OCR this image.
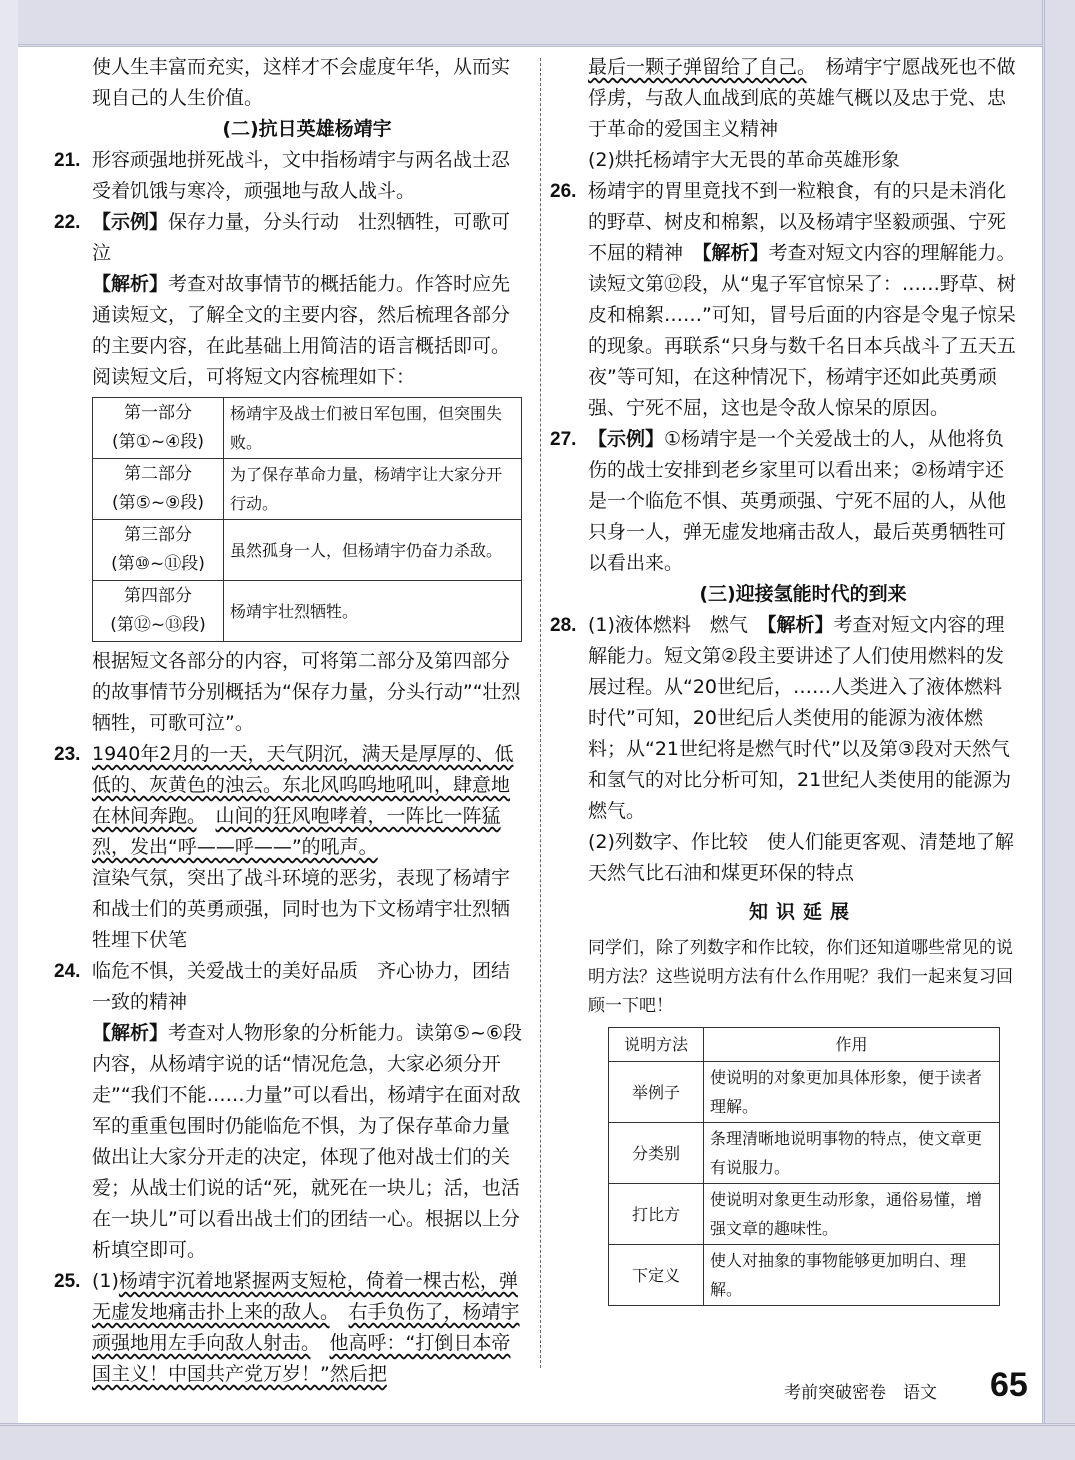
使人生丰富而充实，这样才不会虚度年华，从而实现自己的人生价值。

(二)抗日英雄杨靖宇

21. 形容顽强地拼死战斗，文中指杨靖宇与两名战士忍受着饥饿与寒冷，顽强地与敌人战斗。

22. 【示例】保存力量，分头行动　壮烈牺牲，可歌可泣

【解析】考查对故事情节的概括能力。作答时应先通读短文，了解全文的主要内容，然后梳理各部分的主要内容，在此基础上用简洁的语言概括即可。阅读短文后，可将短文内容梳理如下：

第一部分
(第①~④段)	杨靖宇及战士们被日军包围，但突围失败。

第二部分
(第⑤~⑨段)	为了保存革命力量，杨靖宇让大家分开行动。

第三部分
(第⑩~⑪段)	虽然孤身一人，但杨靖宇仍奋力杀敌。

第四部分
(第⑫~⑬段)	杨靖宇壮烈牺牲。

根据短文各部分的内容，可将第二部分及第四部分的故事情节分别概括为“保存力量，分头行动”“壮烈牺牲，可歌可泣”。

23. 1940年2月的一天，天气阴沉，满天是厚厚的、低低的、灰黄色的浊云。东北风呜呜地吼叫，肆意地在林间奔跑。　 山间的狂风咆哮着，一阵比一阵猛烈，发出“呼——呼——”的吼声。

渲染气氛，突出了战斗环境的恶劣，表现了杨靖宇和战士们的英勇顽强，同时也为下文杨靖宇壮烈牺牲埋下伏笔

24. 临危不惧，关爱战士的美好品质　齐心协力，团结一致的精神

【解析】考查对人物形象的分析能力。读第⑤~⑥段内容，从杨靖宇说的话“情况危急，大家必须分开走”“我们不能……力量”可以看出，杨靖宇在面对敌军的重重包围时仍能临危不惧，为了保存革命力量做出让大家分开走的决定，体现了他对战士们的关爱；从战士们说的话“死，就死在一块儿；活，也活在一块儿”可以看出战士们的团结一心。根据以上分析填空即可。

25. (1)杨靖宇沉着地紧握两支短枪，倚着一棵古松，弹无虚发地痛击扑上来的敌人。　 右手负伤了，杨靖宇顽强地用左手向敌人射击。　 他高呼：“打倒日本帝国主义！中国共产党万岁！”然后把

最后一颗子弹留给了自己。　 杨靖宇宁愿战死也不做俘虏，与敌人血战到底的英雄气概以及忠于党、忠于革命的爱国主义精神

(2)烘托杨靖宇大无畏的革命英雄形象

26. 杨靖宇的胃里竟找不到一粒粮食，有的只是未消化的野草、树皮和棉絮，以及杨靖宇坚毅顽强、宁死不屈的精神　 【解析】考查对短文内容的理解能力。读短文第⑫段，从“鬼子军官惊呆了：……野草、树皮和棉絮……”可知，冒号后面的内容是令鬼子惊呆的现象。再联系“只身与数千名日本兵战斗了五天五夜”等可知，在这种情况下，杨靖宇还如此英勇顽强、宁死不屈，这也是令敌人惊呆的原因。

27. 【示例】①杨靖宇是一个关爱战士的人，从他将负伤的战士安排到老乡家里可以看出来；②杨靖宇还是一个临危不惧、英勇顽强、宁死不屈的人，从他只身一人，弹无虚发地痛击敌人，最后英勇牺牲可以看出来。

(三)迎接氢能时代的到来

28. (1)液体燃料　燃气　 【解析】考查对短文内容的理解能力。短文第②段主要讲述了人们使用燃料的发展过程。从“20世纪后，……人类进入了液体燃料时代”可知，20世纪后人类使用的能源为液体燃料；从“21世纪将是燃气时代”以及第③段对天然气和氢气的对比分析可知，21世纪人类使用的能源为燃气。

(2)列数字、作比较　使人们能更客观、清楚地了解天然气比石油和煤更环保的特点

知识延展

同学们，除了列数字和作比较，你们还知道哪些常见的说明方法？这些说明方法有什么作用呢？我们一起来复习回顾一下吧！

说明方法	作用
举例子	使说明的对象更加具体形象，便于读者理解。
分类别	条理清晰地说明事物的特点，使文章更有说服力。
打比方	使说明对象更生动形象，通俗易懂，增强文章的趣味性。
下定义	使人对抽象的事物能够更加明白、理解。
考前突破密卷　语文 65
